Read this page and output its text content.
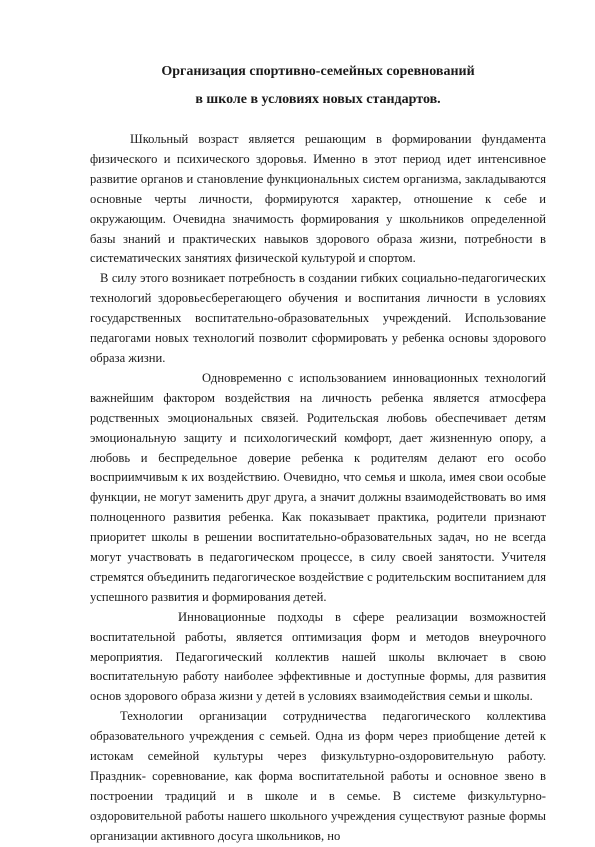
Организация спортивно-семейных соревнований
в школе в условиях новых стандартов.

Школьный возраст является решающим в формировании фундамента физического и психического здоровья. Именно в этот период идет интенсивное развитие органов и становление функциональных систем организма, закладываются основные черты личности, формируются характер, отношение к себе и окружающим. Очевидна значимость формирования у школьников определенной базы знаний и практических навыков здорового образа жизни, потребности в систематических занятиях физической культурой и спортом.

В силу этого возникает потребность в создании гибких социально-педагогических технологий здоровьесберегающего обучения и воспитания личности в условиях государственных воспитательно-образовательных учреждений. Использование педагогами новых технологий позволит сформировать у ребенка основы здорового образа жизни.

Одновременно с использованием инновационных технологий важнейшим фактором воздействия на личность ребенка является атмосфера родственных эмоциональных связей. Родительская любовь обеспечивает детям эмоциональную защиту и психологический комфорт, дает жизненную опору, а любовь и беспредельное доверие ребенка к родителям делают его особо восприимчивым к их воздействию. Очевидно, что семья и школа, имея свои особые функции, не могут заменить друг друга, а значит должны взаимодействовать во имя полноценного развития ребенка. Как показывает практика, родители признают приоритет школы в решении воспитательно-образовательных задач, но не всегда могут участвовать в педагогическом процессе, в силу своей занятости. Учителя стремятся объединить педагогическое воздействие с родительским воспитанием для успешного развития и формирования детей.

Инновационные подходы в сфере реализации возможностей воспитательной работы, является оптимизация форм и методов внеурочного мероприятия. Педагогический коллектив нашей школы включает в свою воспитательную работу наиболее эффективные и доступные формы, для развития основ здорового образа жизни у детей в условиях взаимодействия семьи и школы.

Технологии организации сотрудничества педагогического коллектива образовательного учреждения с семьей. Одна из форм через приобщение детей к истокам семейной культуры через физкультурно-оздоровительную работу. Праздник- соревнование, как форма воспитательной работы и основное звено в построении традиций и в школе и в семье. В системе физкультурно-оздоровительной работы нашего школьного учреждения существуют разные формы организации активного досуга школьников, но
